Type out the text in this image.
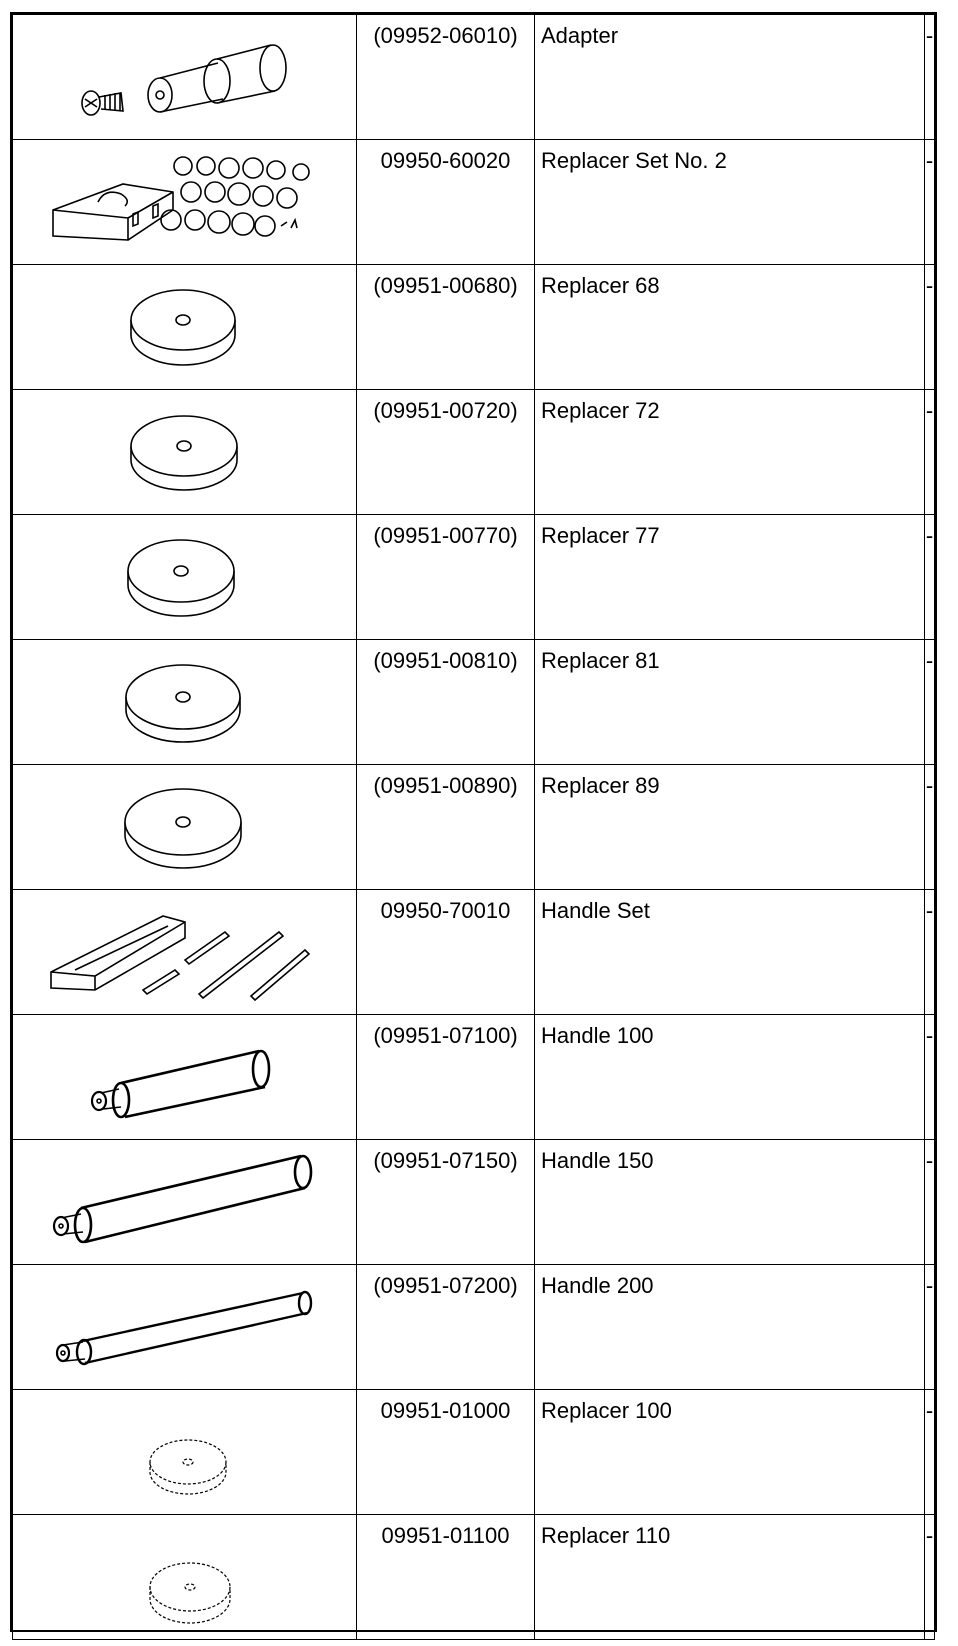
(09952-06010)	Adapter	-

09950-60020	Replacer Set No. 2	-

(09951-00680)	Replacer 68	-

(09951-00720)	Replacer 72	-

(09951-00770)	Replacer 77	-

(09951-00810)	Replacer 81	-

(09951-00890)	Replacer 89	-

09950-70010	Handle Set	-

(09951-07100)	Handle 100	-

(09951-07150)	Handle 150	-

(09951-07200)	Handle 200	-

09951-01000	Replacer 100	-

09951-01100	Replacer 110	-
